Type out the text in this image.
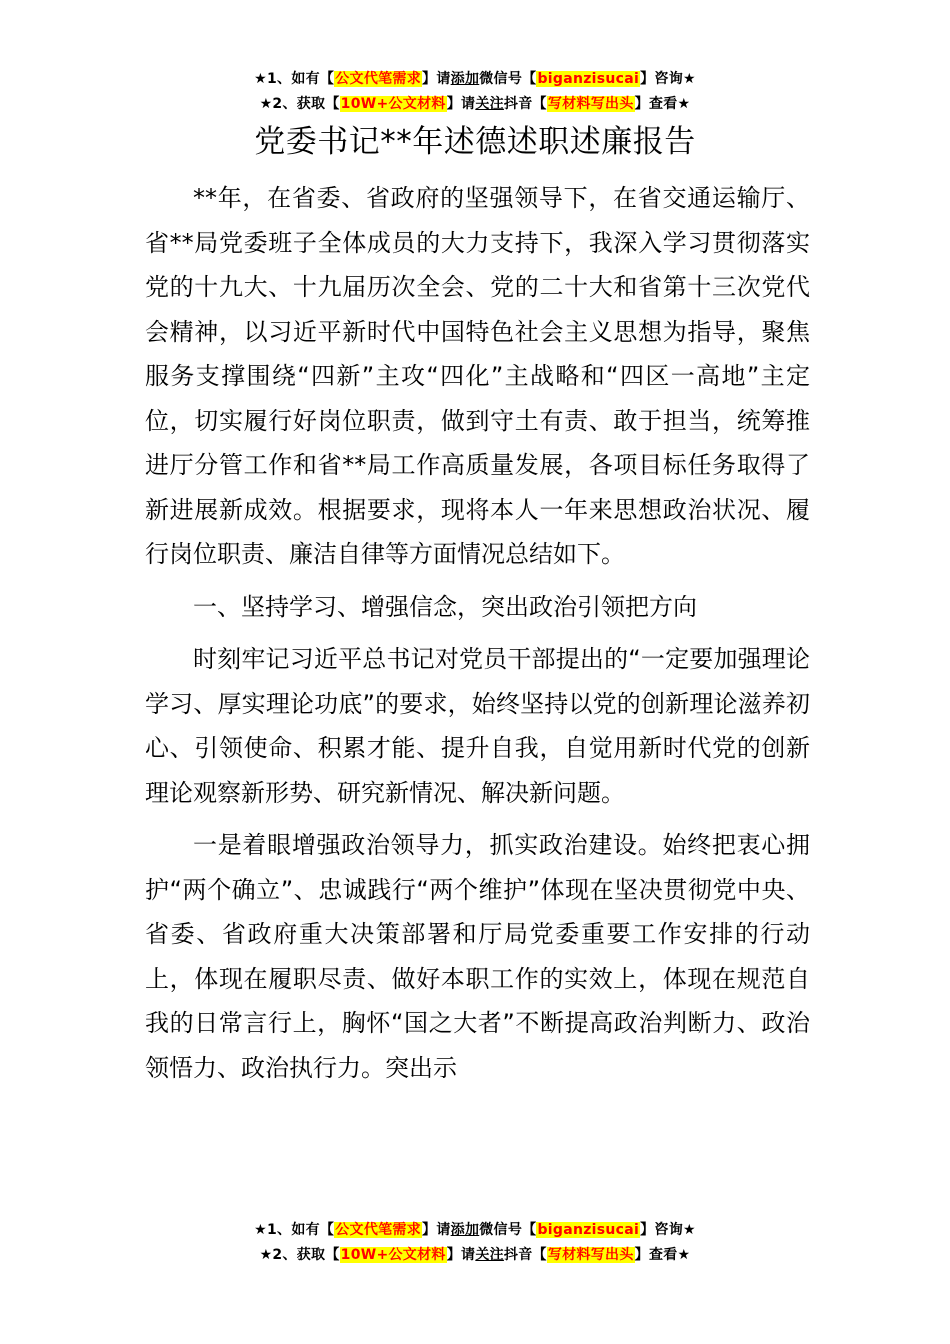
★1、如有【公文代笔需求】请添加微信号【biganzisucai】咨询★
★2、获取【10W+公文材料】请关注抖音【写材料写出头】查看★
党委书记**年述德述职述廉报告

**年，在省委、省政府的坚强领导下，在省交通运输厅、省**局党委班子全体成员的大力支持下，我深入学习贯彻落实党的十九大、十九届历次全会、党的二十大和省第十三次党代会精神，以习近平新时代中国特色社会主义思想为指导，聚焦服务支撑围绕“四新”主攻“四化”主战略和“四区一高地”主定位，切实履行好岗位职责，做到守土有责、敢于担当，统筹推进厅分管工作和省**局工作高质量发展，各项目标任务取得了新进展新成效。根据要求，现将本人一年来思想政治状况、履行岗位职责、廉洁自律等方面情况总结如下。

一、坚持学习、增强信念，突出政治引领把方向

时刻牢记习近平总书记对党员干部提出的“一定要加强理论学习、厚实理论功底”的要求，始终坚持以党的创新理论滋养初心、引领使命、积累才能、提升自我，自觉用新时代党的创新理论观察新形势、研究新情况、解决新问题。

一是着眼增强政治领导力，抓实政治建设。始终把衷心拥护“两个确立”、忠诚践行“两个维护”体现在坚决贯彻党中央、省委、省政府重大决策部署和厅局党委重要工作安排的行动上，体现在履职尽责、做好本职工作的实效上，体现在规范自我的日常言行上，胸怀“国之大者”不断提高政治判断力、政治领悟力、政治执行力。突出示

★1、如有【公文代笔需求】请添加微信号【biganzisucai】咨询★
★2、获取【10W+公文材料】请关注抖音【写材料写出头】查看★
